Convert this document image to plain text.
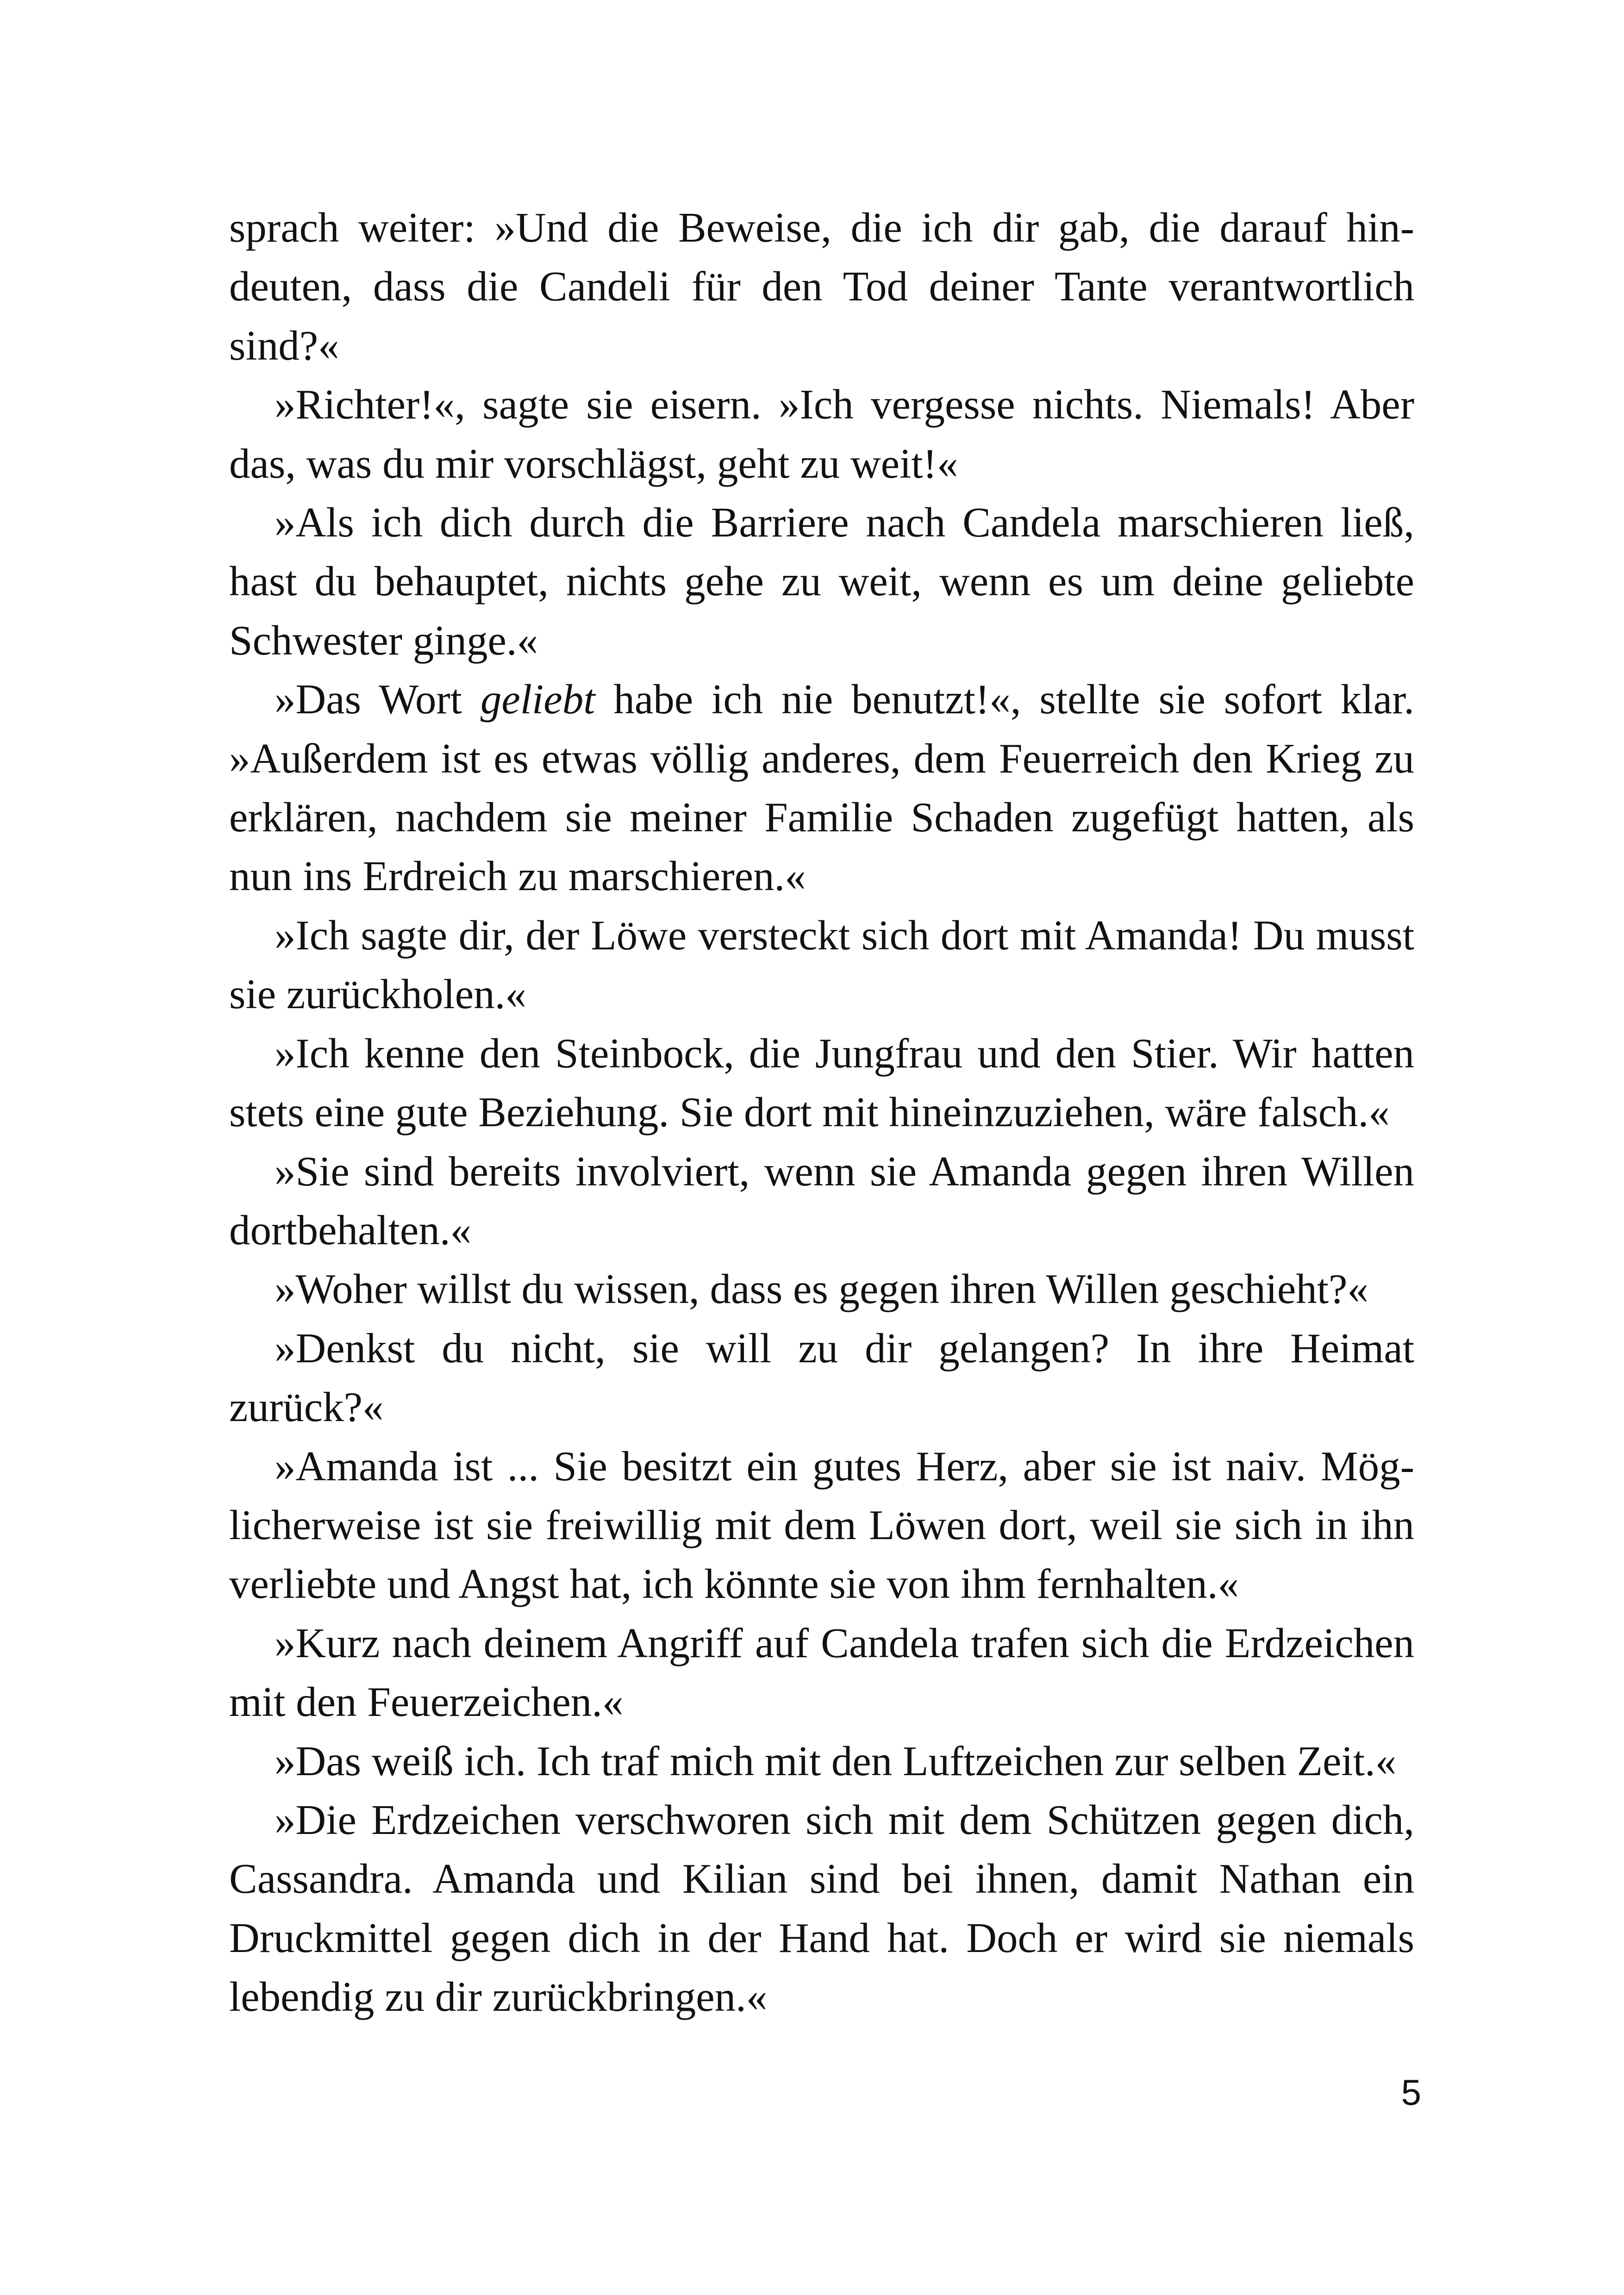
sprach weiter: »Und die Beweise, die ich dir gab, die darauf hindeuten, dass die Candeli für den Tod deiner Tante verantwortlich sind?«

»Richter!«, sagte sie eisern. »Ich vergesse nichts. Niemals! Aber das, was du mir vorschlägst, geht zu weit!«

»Als ich dich durch die Barriere nach Candela marschieren ließ, hast du behauptet, nichts gehe zu weit, wenn es um deine geliebte Schwester ginge.«

»Das Wort geliebt habe ich nie benutzt!«, stellte sie sofort klar. »Außerdem ist es etwas völlig anderes, dem Feuerreich den Krieg zu erklären, nachdem sie meiner Familie Schaden zugefügt hatten, als nun ins Erdreich zu marschieren.«

»Ich sagte dir, der Löwe versteckt sich dort mit Amanda! Du musst sie zurückholen.«

»Ich kenne den Steinbock, die Jungfrau und den Stier. Wir hatten stets eine gute Beziehung. Sie dort mit hineinzuziehen, wäre falsch.«

»Sie sind bereits involviert, wenn sie Amanda gegen ihren Willen dortbehalten.«

»Woher willst du wissen, dass es gegen ihren Willen geschieht?«

»Denkst du nicht, sie will zu dir gelangen? In ihre Heimat zurück?«

»Amanda ist ... Sie besitzt ein gutes Herz, aber sie ist naiv. Möglicherweise ist sie freiwillig mit dem Löwen dort, weil sie sich in ihn verliebte und Angst hat, ich könnte sie von ihm fernhalten.«

»Kurz nach deinem Angriff auf Candela trafen sich die Erdzeichen mit den Feuerzeichen.«

»Das weiß ich. Ich traf mich mit den Luftzeichen zur selben Zeit.«

»Die Erdzeichen verschworen sich mit dem Schützen gegen dich, Cassandra. Amanda und Kilian sind bei ihnen, damit Nathan ein Druckmittel gegen dich in der Hand hat. Doch er wird sie niemals lebendig zu dir zurückbringen.«

5
